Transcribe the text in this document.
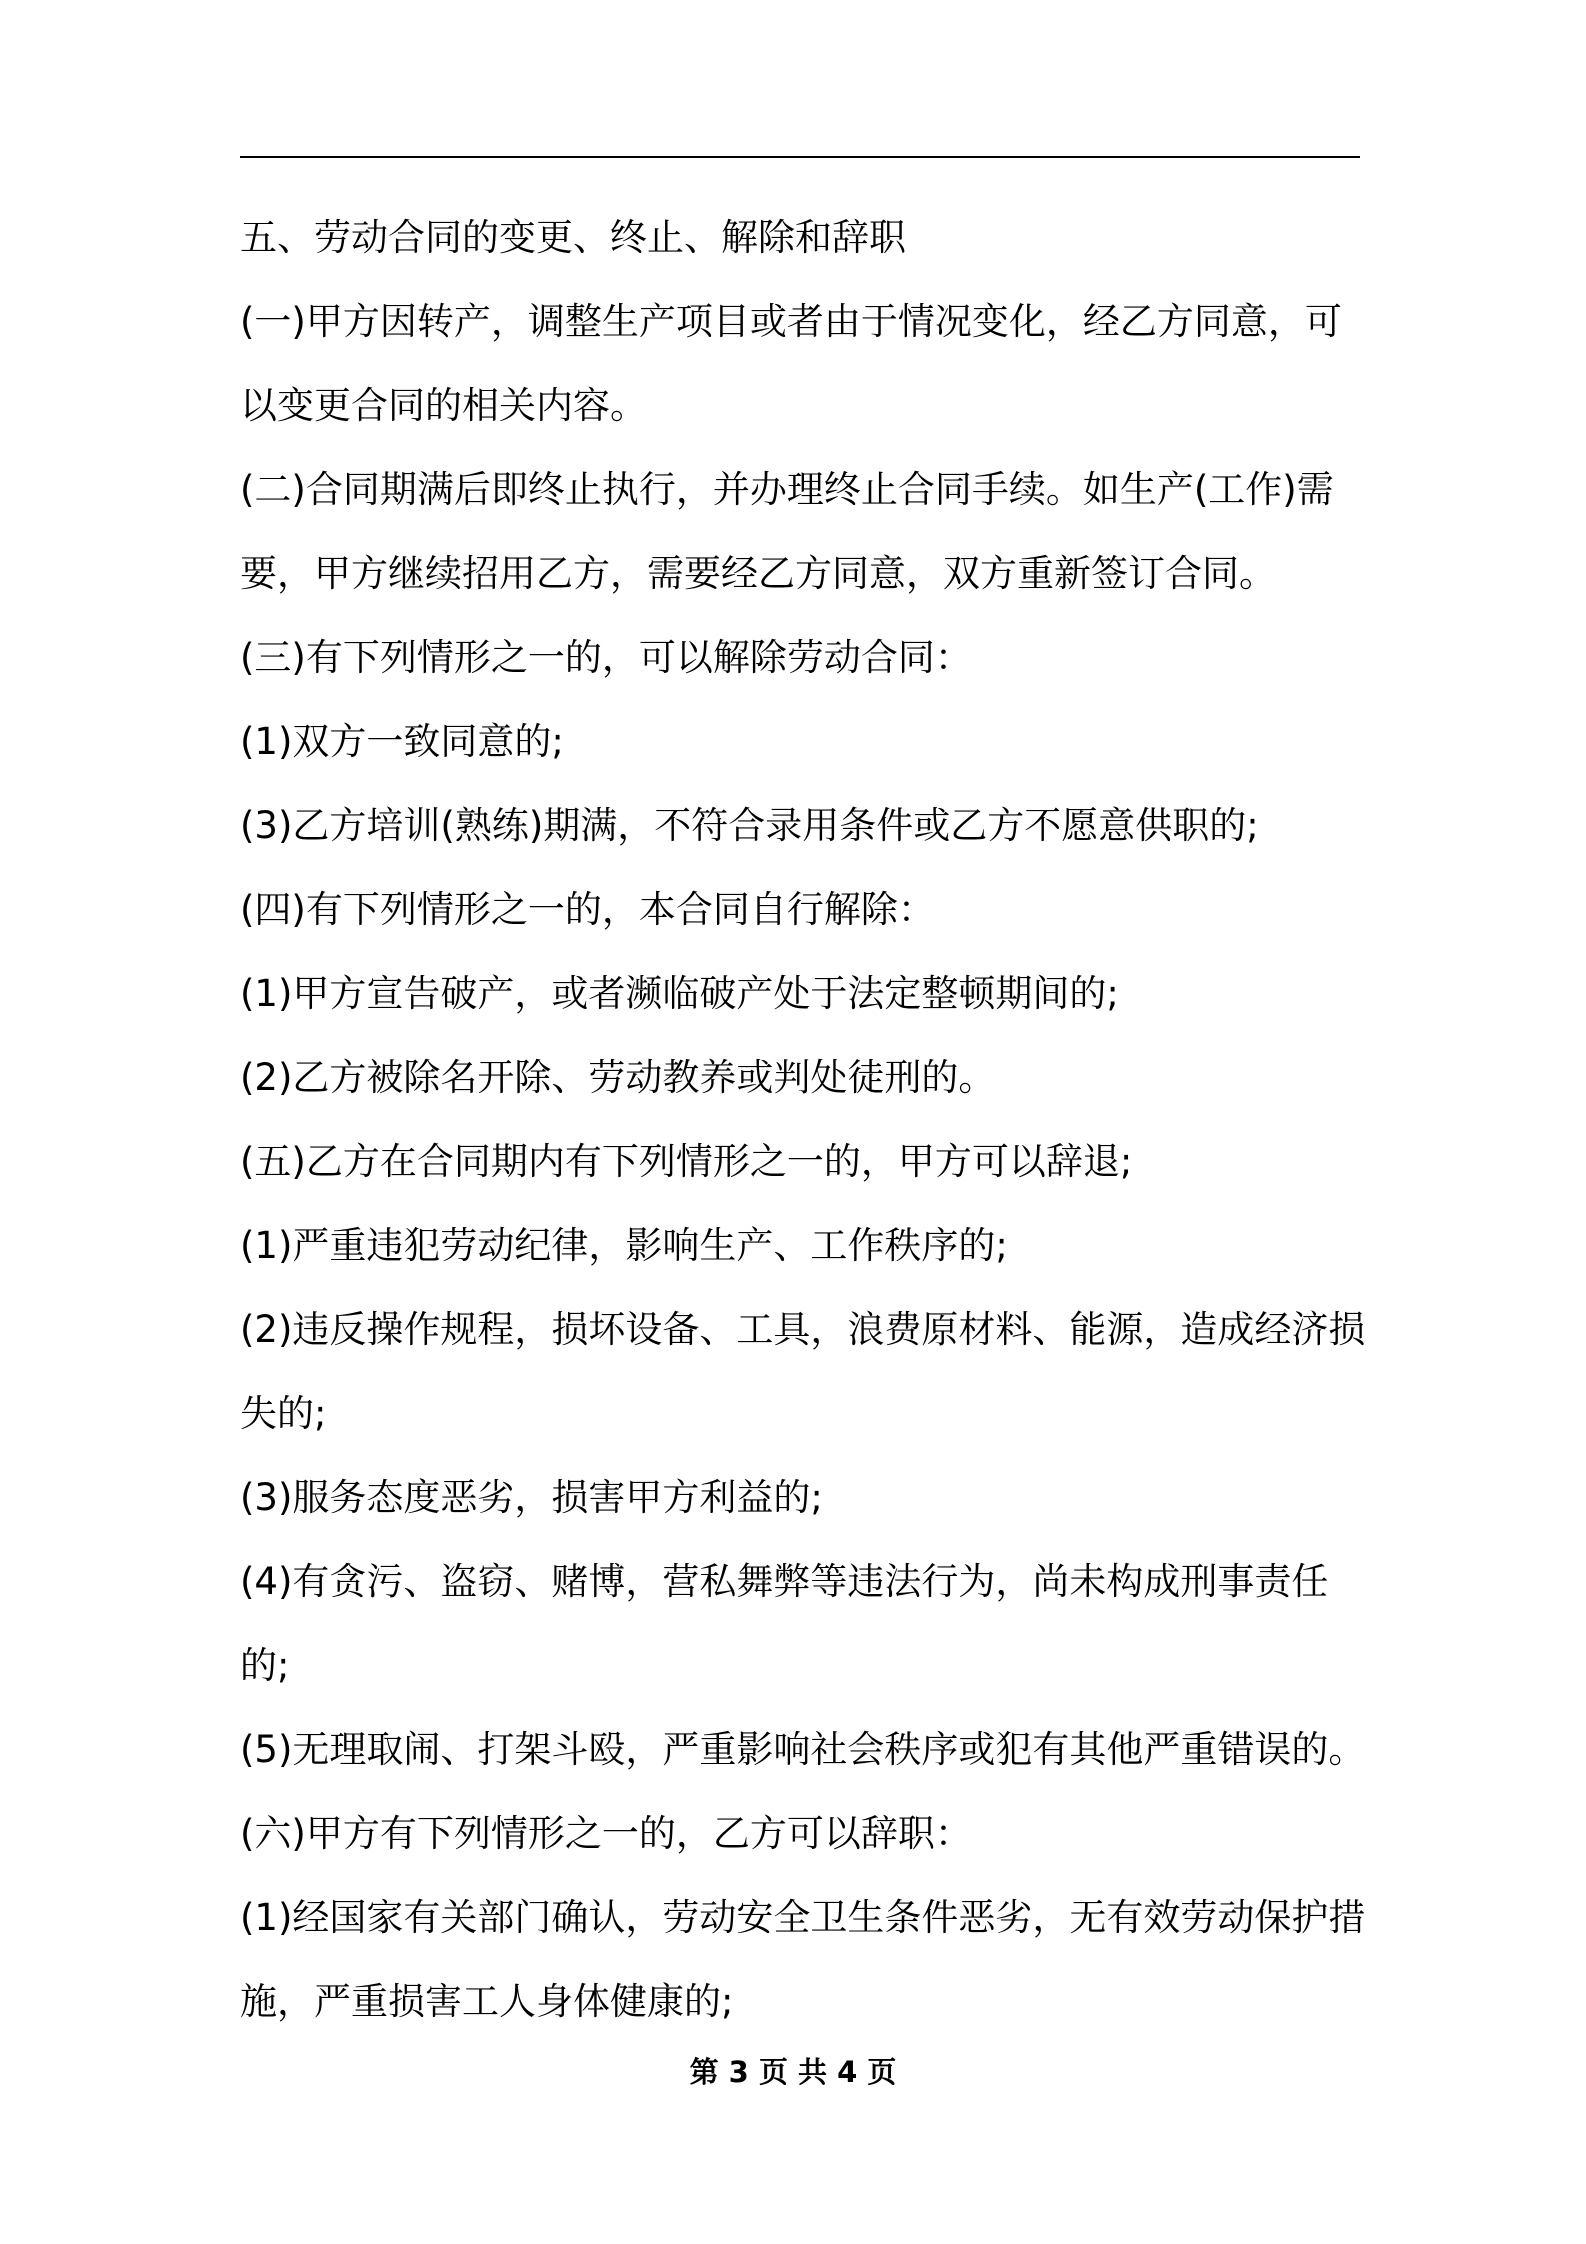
五、劳动合同的变更、终止、解除和辞职

(一)甲方因转产，调整生产项目或者由于情况变化，经乙方同意，可以变更合同的相关内容。

(二)合同期满后即终止执行，并办理终止合同手续。如生产(工作)需要，甲方继续招用乙方，需要经乙方同意，双方重新签订合同。

(三)有下列情形之一的，可以解除劳动合同：

(1)双方一致同意的;

(3)乙方培训(熟练)期满，不符合录用条件或乙方不愿意供职的;

(四)有下列情形之一的，本合同自行解除：

(1)甲方宣告破产，或者濒临破产处于法定整顿期间的;

(2)乙方被除名开除、劳动教养或判处徒刑的。

(五)乙方在合同期内有下列情形之一的，甲方可以辞退;

(1)严重违犯劳动纪律，影响生产、工作秩序的;

(2)违反操作规程，损坏设备、工具，浪费原材料、能源，造成经济损失的;

(3)服务态度恶劣，损害甲方利益的;

(4)有贪污、盗窃、赌博，营私舞弊等违法行为，尚未构成刑事责任的;

(5)无理取闹、打架斗殴，严重影响社会秩序或犯有其他严重错误的。

(六)甲方有下列情形之一的，乙方可以辞职：

(1)经国家有关部门确认，劳动安全卫生条件恶劣，无有效劳动保护措施，严重损害工人身体健康的;

第 3 页 共 4 页
